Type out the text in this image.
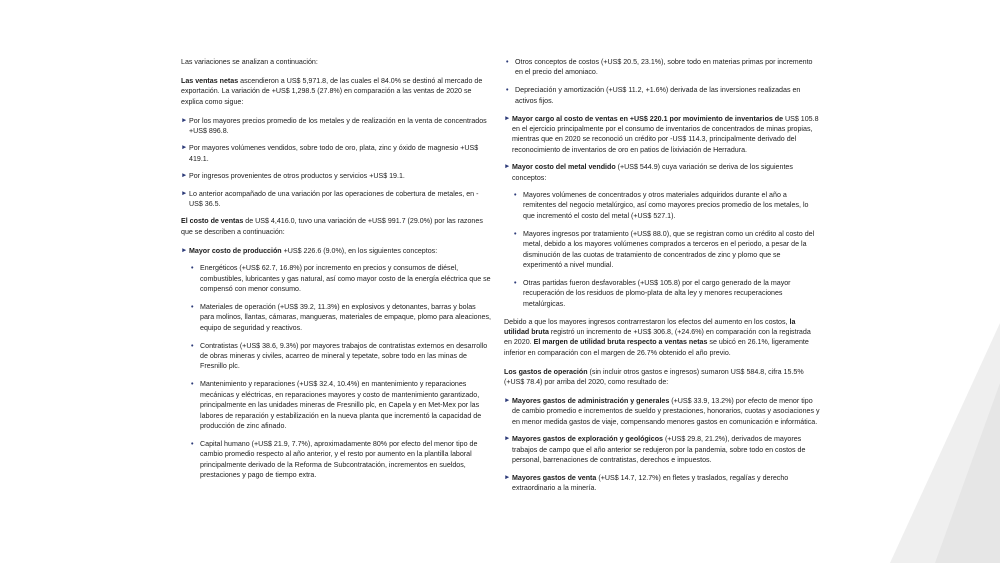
Las variaciones se analizan a continuación:

Las ventas netas ascendieron a US$ 5,971.8, de las cuales el 84.0% se destinó al mercado de exportación. La variación de +US$ 1,298.5 (27.8%) en comparación a las ventas de 2020 se explica como sigue:

► Por los mayores precios promedio de los metales y de realización en la venta de concentrados +US$ 896.8.
► Por mayores volúmenes vendidos, sobre todo de oro, plata, zinc y óxido de magnesio +US$ 419.1.
► Por ingresos provenientes de otros productos y servicios +US$ 19.1.
► Lo anterior acompañado de una variación por las operaciones de cobertura de metales, en -US$ 36.5.

El costo de ventas de US$ 4,416.0, tuvo una variación de +US$ 991.7 (29.0%) por las razones que se describen a continuación:

► Mayor costo de producción +US$ 226.6 (9.0%), en los siguientes conceptos:
• Energéticos (+US$ 62.7, 16.8%) por incremento en precios y consumos de diésel, combustibles, lubricantes y gas natural, así como mayor costo de la energía eléctrica que se compensó con menor consumo.
• Materiales de operación (+US$ 39.2, 11.3%) en explosivos y detonantes, barras y bolas para molinos, llantas, cámaras, mangueras, materiales de empaque, plomo para aleaciones, equipo de seguridad y reactivos.
• Contratistas (+US$ 38.6, 9.3%) por mayores trabajos de contratistas externos en desarrollo de obras mineras y civiles, acarreo de mineral y tepetate, sobre todo en las minas de Fresnillo plc.
• Mantenimiento y reparaciones (+US$ 32.4, 10.4%) en mantenimiento y reparaciones mecánicas y eléctricas, en reparaciones mayores y costo de mantenimiento garantizado, principalmente en las unidades mineras de Fresnillo plc, en Capela y en Met-Mex por las labores de reparación y estabilización en la nueva planta que incrementó la capacidad de producción de zinc afinado.
• Capital humano (+US$ 21.9, 7.7%), aproximadamente 80% por efecto del menor tipo de cambio promedio respecto al año anterior, y el resto por aumento en la plantilla laboral principalmente derivado de la Reforma de Subcontratación, incrementos en sueldos, prestaciones y pago de tiempo extra.
• Otros conceptos de costos (+US$ 20.5, 23.1%), sobre todo en materias primas por incremento en el precio del amoniaco.
• Depreciación y amortización (+US$ 11.2, +1.6%) derivada de las inversiones realizadas en activos fijos.
► Mayor cargo al costo de ventas en +US$ 220.1 por movimiento de inventarios de US$ 105.8 en el ejercicio principalmente por el consumo de inventarios de concentrados de minas propias, mientras que en 2020 se reconoció un crédito por -US$ 114.3, principalmente derivado del reconocimiento de inventarios de oro en patios de lixiviación de Herradura.
► Mayor costo del metal vendido (+US$ 544.9) cuya variación se deriva de los siguientes conceptos:
• Mayores volúmenes de concentrados y otros materiales adquiridos durante el año a remitentes del negocio metalúrgico, así como mayores precios promedio de los metales, lo que incrementó el costo del metal (+US$ 527.1).
• Mayores ingresos por tratamiento (+US$ 88.0), que se registran como un crédito al costo del metal, debido a los mayores volúmenes comprados a terceros en el periodo, a pesar de la disminución de las cuotas de tratamiento de concentrados de zinc y plomo que se experimentó a nivel mundial.
• Otras partidas fueron desfavorables (+US$ 105.8) por el cargo generado de la mayor recuperación de los residuos de plomo-plata de alta ley y menores recuperaciones metalúrgicas.

Debido a que los mayores ingresos contrarrestaron los efectos del aumento en los costos, la utilidad bruta registró un incremento de +US$ 306.8, (+24.6%) en comparación con la registrada en 2020. El margen de utilidad bruta respecto a ventas netas se ubicó en 26.1%, ligeramente inferior en comparación con el margen de 26.7% obtenido el año previo.

Los gastos de operación (sin incluir otros gastos e ingresos) sumaron US$ 584.8, cifra 15.5% (+US$ 78.4) por arriba del 2020, como resultado de:

► Mayores gastos de administración y generales (+US$ 33.9, 13.2%) por efecto de menor tipo de cambio promedio e incrementos de sueldo y prestaciones, honorarios, cuotas y asociaciones y en menor medida gastos de viaje, compensando menores gastos en comunicación e informática.
► Mayores gastos de exploración y geológicos (+US$ 29.8, 21.2%), derivados de mayores trabajos de campo que el año anterior se redujeron por la pandemia, sobre todo en costos de personal, barrenaciones de contratistas, derechos e impuestos.
► Mayores gastos de venta (+US$ 14.7, 12.7%) en fletes y traslados, regalías y derecho extraordinario a la minería.
